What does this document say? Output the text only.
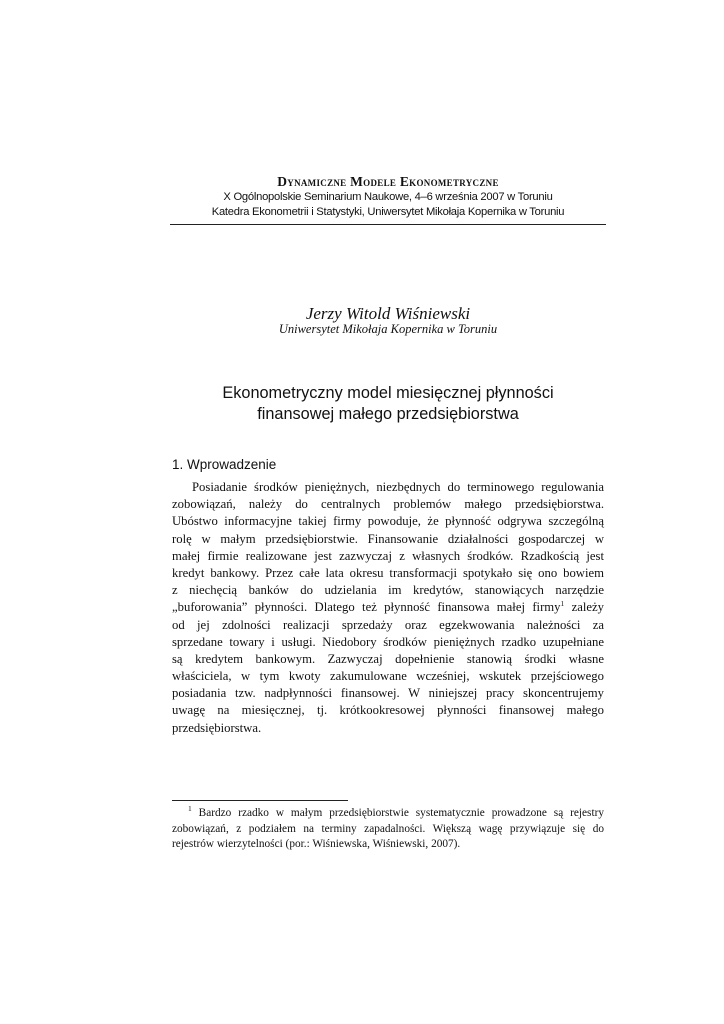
Dynamiczne Modele Ekonometryczne

X Ogólnopolskie Seminarium Naukowe, 4–6 września 2007 w Toruniu

Katedra Ekonometrii i Statystyki, Uniwersytet Mikołaja Kopernika w Toruniu

Jerzy Witold Wiśniewski
Uniwersytet Mikołaja Kopernika w Toruniu
Ekonometryczny model miesięcznej płynności
finansowej małego przedsiębiorstwa
1. Wprowadzenie
Posiadanie środków pieniężnych, niezbędnych do terminowego regulowania
zobowiązań, należy do centralnych problemów małego przedsiębiorstwa.
Ubóstwo informacyjne takiej firmy powoduje, że płynność odgrywa szczególną
rolę w małym przedsiębiorstwie. Finansowanie działalności gospodarczej w
małej firmie realizowane jest zazwyczaj z własnych środków. Rzadkością jest
kredyt bankowy. Przez całe lata okresu transformacji spotykało się ono bowiem
z niechęcią banków do udzielania im kredytów, stanowiących narzędzie
„buforowania” płynności. Dlatego też płynność finansowa małej firmy$^1$ zależy
od jej zdolności realizacji sprzedaży oraz egzekwowania należności za
sprzedane towary i usługi. Niedobory środków pieniężnych rzadko uzupełniane
są kredytem bankowym. Zazwyczaj dopełnienie stanowią środki własne
właściciela, w tym kwoty zakumulowane wcześniej, wskutek przejściowego
posiadania tzw. nadpłynności finansowej. W niniejszej pracy skoncentrujemy
uwagę na miesięcznej, tj. krótkookresowej płynności finansowej małego
przedsiębiorstwa.
$^1$ Bardzo rzadko w małym przedsiębiorstwie systematycznie prowadzone są rejestry
zobowiązań, z podziałem na terminy zapadalności. Większą wagę przywiązuje się do
rejestrów wierzytelności (por.: Wiśniewska, Wiśniewski, 2007).
